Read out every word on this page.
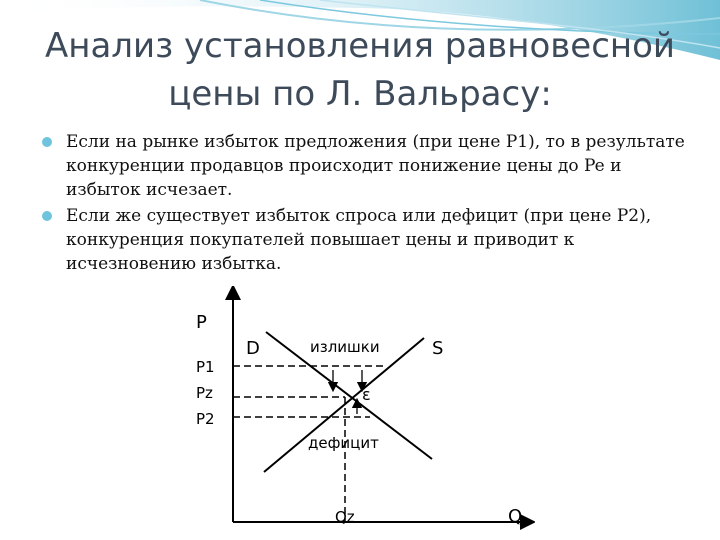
Анализ установления равновесной
цены по Л. Вальрасу:
Если на рынке избыток предложения (при цене P1), то в результате конкуренции продавцов происходит понижение цены до Pe и избыток исчезает.
Если же существует избыток спроса или дефицит (при цене P2), конкуренция покупателей повышает цены и приводит к исчезновению избытка.
P
Q
D	S
P1
Pz
P2
Qz
излишки
дефицит
ε
